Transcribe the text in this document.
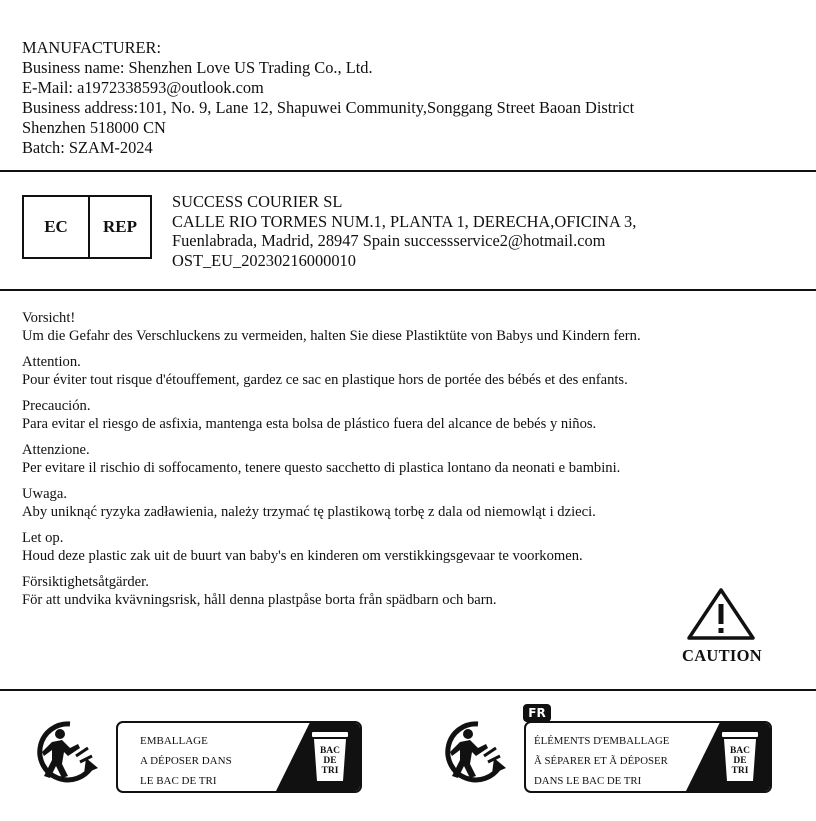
MANUFACTURER:
Business name: Shenzhen Love US Trading Co., Ltd.
E-Mail: a1972338593@outlook.com
Business address:101, No. 9, Lane 12, Shapuwei Community,Songgang Street Baoan District
Shenzhen 518000 CN
Batch: SZAM-2024
EC	REP
SUCCESS COURIER SL
CALLE RIO TORMES NUM.1, PLANTA 1, DERECHA,OFICINA 3,
Fuenlabrada, Madrid, 28947 Spain successservice2@hotmail.com
OST_EU_20230216000010
Vorsicht!
Um die Gefahr des Verschluckens zu vermeiden, halten Sie diese Plastiktüte von Babys und Kindern fern.
Attention.
Pour éviter tout risque d'étouffement, gardez ce sac en plastique hors de portée des bébés et des enfants.
Precaución.
Para evitar el riesgo de asfixia, mantenga esta bolsa de plástico fuera del alcance de bebés y niños.
Attenzione.
Per evitare il rischio di soffocamento, tenere questo sacchetto di plastica lontano da neonati e bambini.
Uwaga.
Aby uniknąć ryzyka zadławienia, należy trzymać tę plastikową torbę z dala od niemowląt i dzieci.
Let op.
Houd deze plastic zak uit de buurt van baby's en kinderen om verstikkingsgevaar te voorkomen.
Försiktighetsåtgärder.
För att undvika kvävningsrisk, håll denna plastpåse borta från spädbarn och barn.
CAUTION
EMBALLAGE
A DÉPOSER DANS
LE BAC DE TRI
BAC
DE
TRI
FR
ÉLÉMENTS D'EMBALLAGE
Ã SÉPARER ET Ã DÉPOSER
DANS LE BAC DE TRI
BAC
DE
TRI
